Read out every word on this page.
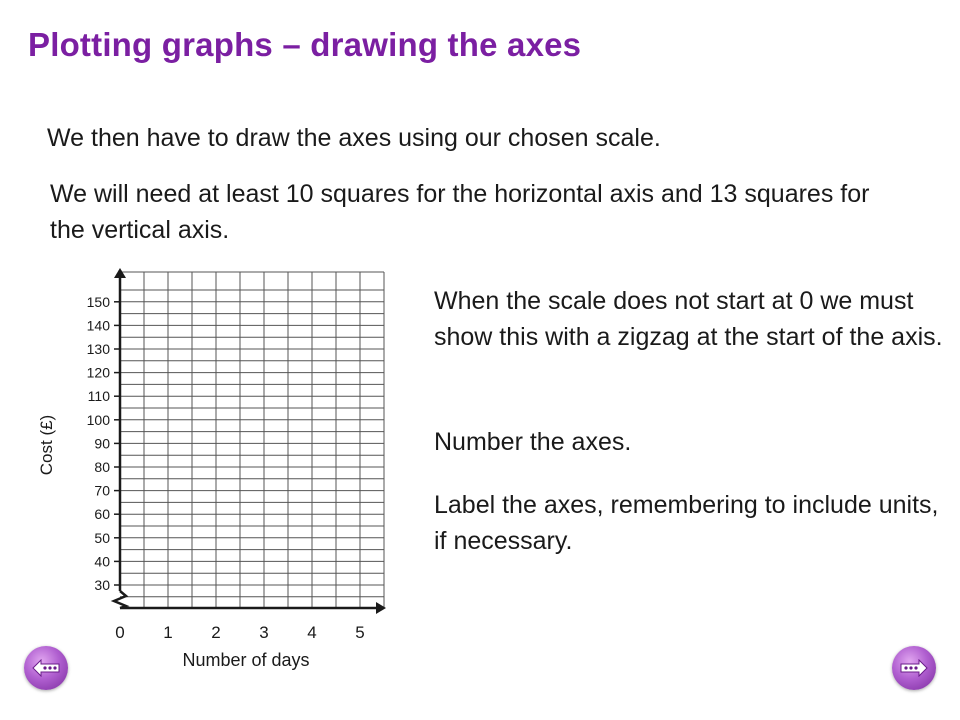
Plotting graphs – drawing the axes
We then have to draw the axes using our chosen scale.
We will need at least 10 squares for the horizontal axis and 13 squares for the vertical axis.
When the scale does not start at 0 we must show this with a zigzag at the start of the axis.
Number the axes.
Label the axes, remembering to include units, if necessary.
30
40
50
60
70
80
90
100
110
120
130
140
150
0 1 2 3 4 5
Number of days
Cost (£)
